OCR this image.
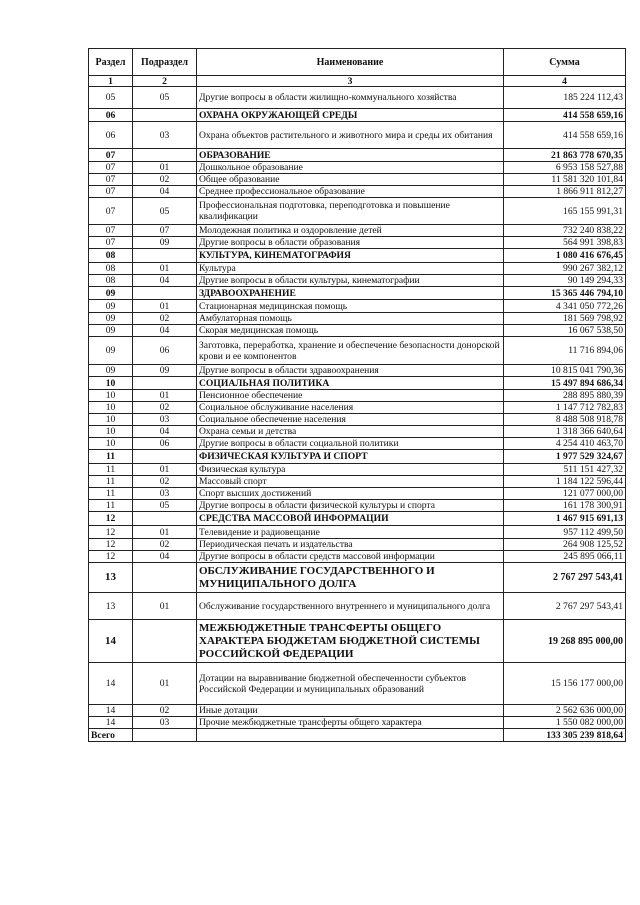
Раздел	Подраздел	Наименование	Сумма
1	2	3	4
05	05	Другие вопросы в области жилищно-коммунального хозяйства	185 224 112,43
06		ОХРАНА ОКРУЖАЮЩЕЙ СРЕДЫ	414 558 659,16
06	03	Охрана объектов растительного и животного мира и среды их обитания	414 558 659,16
07		ОБРАЗОВАНИЕ	21 863 778 670,35
07	01	Дошкольное образование	6 953 158 527,88
07	02	Общее образование	11 581 320 101,84
07	04	Среднее профессиональное образование	1 866 911 812,27
07	05	Профессиональная подготовка, переподготовка и повышение квалификации	165 155 991,31
07	07	Молодежная политика и оздоровление детей	732 240 838,22
07	09	Другие вопросы в области образования	564 991 398,83
08		КУЛЬТУРА, КИНЕМАТОГРАФИЯ	1 080 416 676,45
08	01	Культура	990 267 382,12
08	04	Другие вопросы в области культуры, кинематографии	90 149 294,33
09		ЗДРАВООХРАНЕНИЕ	15 365 446 794,10
09	01	Стационарная медицинская помощь	4 341 050 772,26
09	02	Амбулаторная помощь	181 569 798,92
09	04	Скорая медицинская помощь	16 067 538,50
09	06	Заготовка, переработка, хранение и обеспечение безопасности донорской крови и ее компонентов	11 716 894,06
09	09	Другие вопросы в области здравоохранения	10 815 041 790,36
10		СОЦИАЛЬНАЯ ПОЛИТИКА	15 497 894 686,34
10	01	Пенсионное обеспечение	288 895 880,39
10	02	Социальное обслуживание населения	1 147 712 782,83
10	03	Социальное обеспечение населения	8 488 508 918,78
10	04	Охрана семьи и детства	1 318 366 640,64
10	06	Другие вопросы в области социальной политики	4 254 410 463,70
11		ФИЗИЧЕСКАЯ КУЛЬТУРА И СПОРТ	1 977 529 324,67
11	01	Физическая культура	511 151 427,32
11	02	Массовый спорт	1 184 122 596,44
11	03	Спорт высших достижений	121 077 000,00
11	05	Другие вопросы в области физической культуры и спорта	161 178 300,91
12		СРЕДСТВА МАССОВОЙ ИНФОРМАЦИИ	1 467 915 691,13
12	01	Телевидение и радиовещание	957 112 499,50
12	02	Периодическая печать и издательства	264 908 125,52
12	04	Другие вопросы в области средств массовой информации	245 895 066,11
13		ОБСЛУЖИВАНИЕ ГОСУДАРСТВЕННОГО И МУНИЦИПАЛЬНОГО ДОЛГА	2 767 297 543,41
13	01	Обслуживание государственного внутреннего и муниципального долга	2 767 297 543,41
14		МЕЖБЮДЖЕТНЫЕ ТРАНСФЕРТЫ ОБЩЕГО ХАРАКТЕРА БЮДЖЕТАМ БЮДЖЕТНОЙ СИСТЕМЫ РОССИЙСКОЙ ФЕДЕРАЦИИ	19 268 895 000,00
14	01	Дотации на выравнивание бюджетной обеспеченности субъектов Российской Федерации и муниципальных образований	15 156 177 000,00
14	02	Иные дотации	2 562 636 000,00
14	03	Прочие межбюджетные трансферты общего характера	1 550 082 000,00
Всего			133 305 239 818,64
